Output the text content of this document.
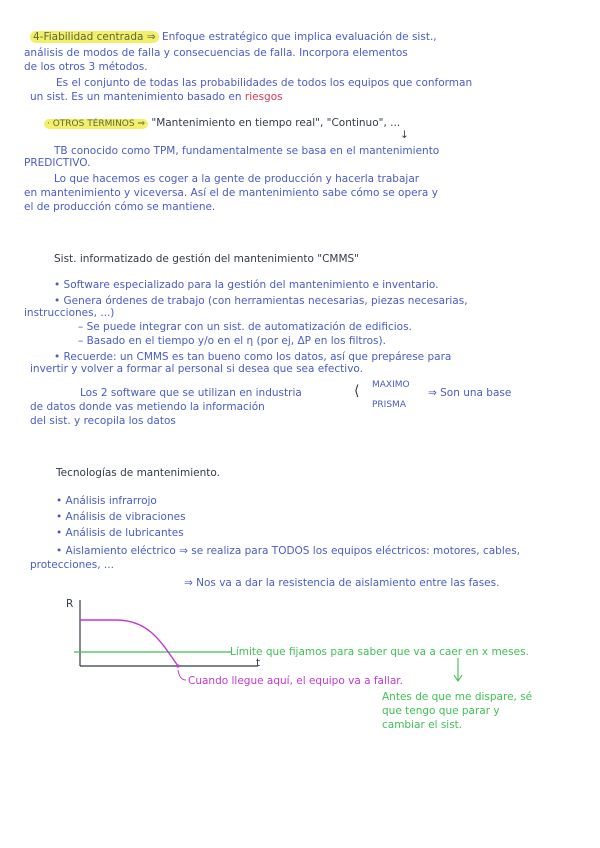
4-Fiabilidad centrada ⇒ Enfoque estratégico que implica evaluación de sist.,
análisis de modos de falla y consecuencias de falla. Incorpora elementos
de los otros 3 métodos.
Es el conjunto de todas las probabilidades de todos los equipos que conforman
un sist. Es un mantenimiento basado en riesgos
· OTROS TÉRMINOS ⇒ "Mantenimiento en tiempo real", "Continuo", ...
↓
TB conocido como TPM, fundamentalmente se basa en el mantenimiento
PREDICTIVO.
Lo que hacemos es coger a la gente de producción y hacerla trabajar
en mantenimiento y viceversa. Así el de mantenimiento sabe cómo se opera y
el de producción cómo se mantiene.
Sist. informatizado de gestión del mantenimiento "CMMS"
• Software especializado para la gestión del mantenimiento e inventario.
• Genera órdenes de trabajo (con herramientas necesarias, piezas necesarias,
instrucciones, ...)
– Se puede integrar con un sist. de automatización de edificios.
– Basado en el tiempo y/o en el η (por ej, ΔP en los filtros).
• Recuerde: un CMMS es tan bueno como los datos, así que prepárese para
invertir y volver a formar al personal si desea que sea efectivo.
Los 2 software que se utilizan en industria	⟨ MAXIMO
PRISMA
⇒ Son una base
de datos donde vas metiendo la información
del sist. y recopila los datos
Tecnologías de mantenimiento.
• Análisis infrarrojo
• Análisis de vibraciones
• Análisis de lubricantes
• Aislamiento eléctrico ⇒ se realiza para TODOS los equipos eléctricos: motores, cables,
protecciones, ...
⇒ Nos va a dar la resistencia de aislamiento entre las fases.
R
t
Límite que fijamos para saber que va a caer en x meses.
Cuando llegue aquí, el equipo va a fallar.
Antes de que me dispare, sé
que tengo que parar y
cambiar el sist.
